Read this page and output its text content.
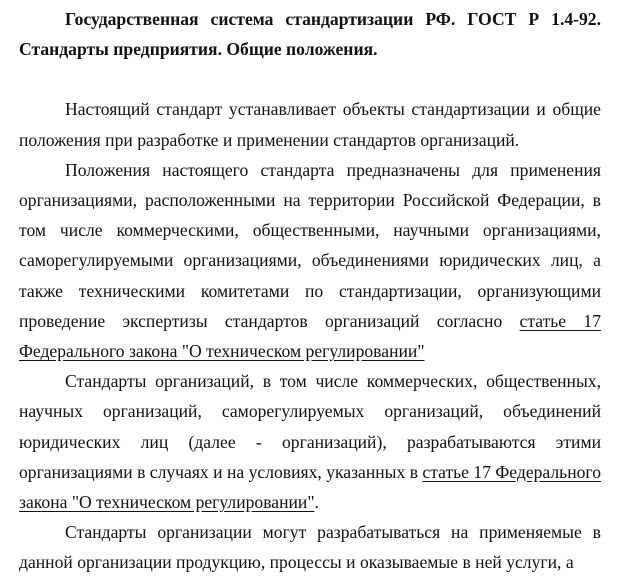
Государственная система стандартизации РФ. ГОСТ Р 1.4-92. Стандарты предприятия. Общие положения.

Настоящий стандарт устанавливает объекты стандартизации и общие положения при разработке и применении стандартов организаций.

Положения настоящего стандарта предназначены для применения организациями, расположенными на территории Российской Федерации, в том числе коммерческими, общественными, научными организациями, саморегулируемыми организациями, объединениями юридических лиц, а также техническими комитетами по стандартизации, организующими проведение экспертизы стандартов организаций согласно статье 17 Федерального закона "О техническом регулировании"

Стандарты организаций, в том числе коммерческих, общественных, научных организаций, саморегулируемых организаций, объединений юридических лиц (далее - организаций), разрабатываются этими организациями в случаях и на условиях, указанных в статье 17 Федерального закона "О техническом регулировании".

Стандарты организации могут разрабатываться на применяемые в данной организации продукцию, процессы и оказываемые в ней услуги, а
